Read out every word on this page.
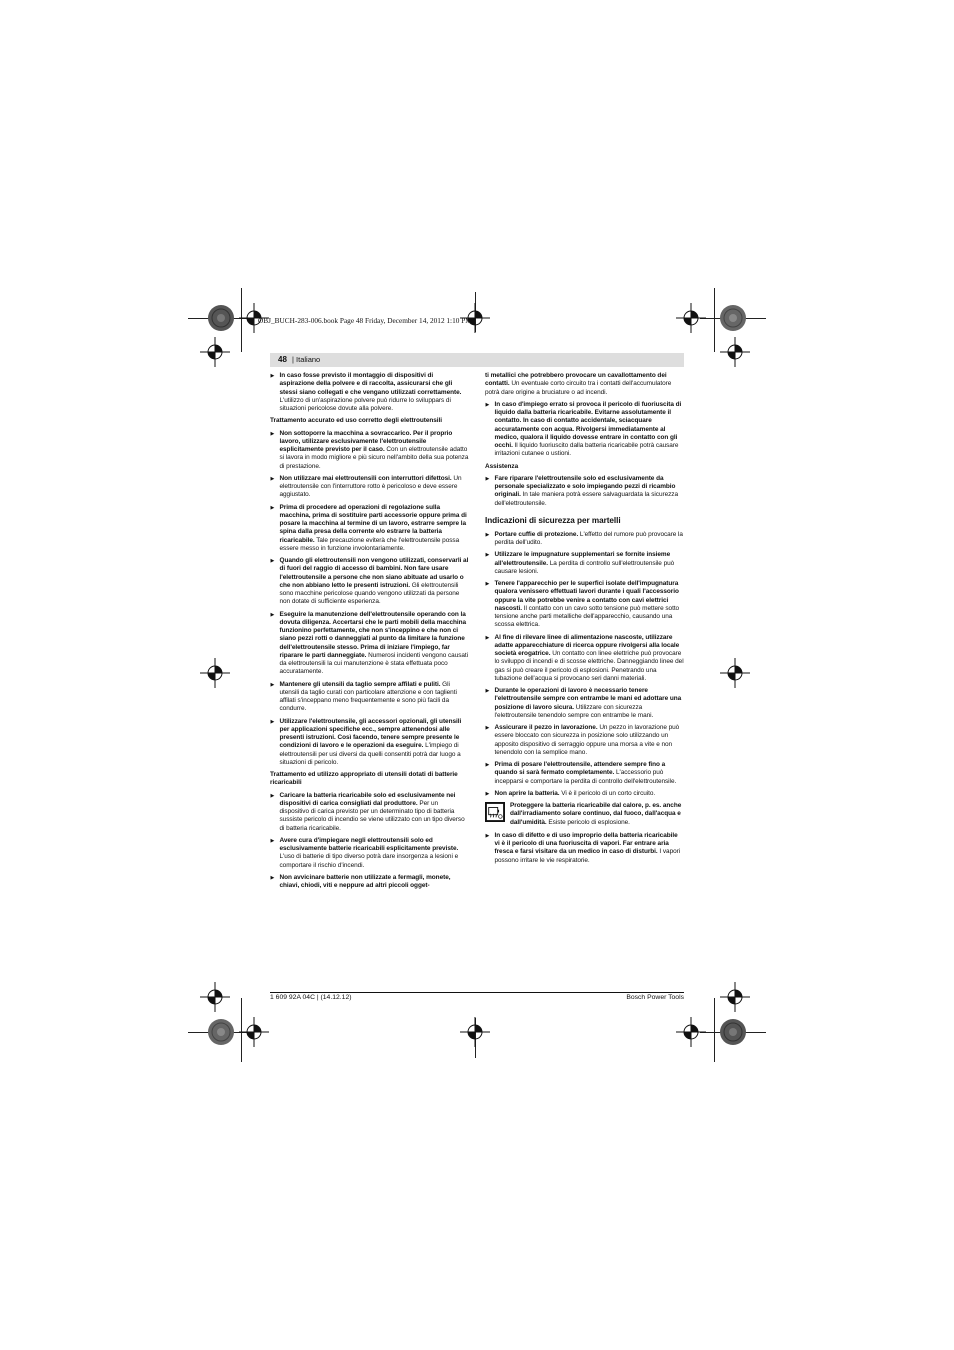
OBJ_BUCH-283-006.book Page 48 Friday, December 14, 2012 1:10 PM
48 | Italiano
▶ In caso fosse previsto il montaggio di dispositivi di aspirazione della polvere e di raccolta, assicurarsi che gli stessi siano collegati e che vengano utilizzati correttamente. L'utilizzo di un'aspirazione polvere può ridurre lo sviluppars di situazioni pericolose dovute alla polvere.
Trattamento accurato ed uso corretto degli elettroutensili
▶ Non sottoporre la macchina a sovraccarico. Per il proprio lavoro, utilizzare esclusivamente l'elettroutensile esplicitamente previsto per il caso. Con un elettroutensile adatto si lavora in modo migliore e più sicuro nell'ambito della sua potenza di prestazione.
▶ Non utilizzare mai elettroutensili con interruttori difettosi. Un elettroutensile con l'interruttore rotto è pericoloso e deve essere aggiustato.
▶ Prima di procedere ad operazioni di regolazione sulla macchina, prima di sostituire parti accessorie oppure prima di posare la macchina al termine di un lavoro, estrarre sempre la spina dalla presa della corrente e/o estrarre la batteria ricaricabile. Tale precauzione eviterà che l'elettroutensile possa essere messo in funzione involontariamente.
▶ Quando gli elettroutensili non vengono utilizzati, conservarli al di fuori del raggio di accesso di bambini. Non fare usare l'elettroutensile a persone che non siano abituate ad usarlo o che non abbiano letto le presenti istruzioni. Gli elettroutensili sono macchine pericolose quando vengono utilizzati da persone non dotate di sufficiente esperienza.
▶ Eseguire la manutenzione dell'elettroutensile operando con la dovuta diligenza. Accertarsi che le parti mobili della macchina funzionino perfettamente, che non s'inceppino e che non ci siano pezzi rotti o danneggiati al punto da limitare la funzione dell'elettroutensile stesso. Prima di iniziare l'impiego, far riparare le parti danneggiate. Numerosi incidenti vengono causati da elettroutensili la cui manutenzione è stata effettuata poco accuratamente.
▶ Mantenere gli utensili da taglio sempre affilati e puliti. Gli utensili da taglio curati con particolare attenzione e con taglienti affilati s'inceppano meno frequentemente e sono più facili da condurre.
▶ Utilizzare l'elettroutensile, gli accessori opzionali, gli utensili per applicazioni specifiche ecc., sempre attenendosi alle presenti istruzioni. Così facendo, tenere sempre presente le condizioni di lavoro e le operazioni da eseguire. L'impiego di elettroutensili per usi diversi da quelli consentiti potrà dar luogo a situazioni di pericolo.
Trattamento ed utilizzo appropriato di utensili dotati di batterie ricaricabili
▶ Caricare la batteria ricaricabile solo ed esclusivamente nei dispositivi di carica consigliati dal produttore. Per un dispositivo di carica previsto per un determinato tipo di batteria sussiste pericolo di incendio se viene utilizzato con un tipo diverso di batteria ricaricabile.
▶ Avere cura d'impiegare negli elettroutensili solo ed esclusivamente batterie ricaricabili esplicitamente previste. L'uso di batterie di tipo diverso potrà dare insorgenza a lesioni e comportare il rischio d'incendi.
▶ Non avvicinare batterie non utilizzate a fermagli, monete, chiavi, chiodi, viti e neppure ad altri piccoli ogget-
ti metallici che potrebbero provocare un cavallottamento dei contatti. Un eventuale corto circuito tra i contatti dell'accumulatore potrà dare origine a bruciature o ad incendi.
▶ In caso d'impiego errato si provoca il pericolo di fuoriuscita di liquido dalla batteria ricaricabile. Evitarne assolutamente il contatto. In caso di contatto accidentale, sciacquare accuratamente con acqua. Rivolgersi immediatamente al medico, qualora il liquido dovesse entrare in contatto con gli occhi. Il liquido fuoriuscito dalla batteria ricaricabile potrà causare irritazioni cutanee o ustioni.
Assistenza
▶ Fare riparare l'elettroutensile solo ed esclusivamente da personale specializzato e solo impiegando pezzi di ricambio originali. In tale maniera potrà essere salvaguardata la sicurezza dell'elettroutensile.
Indicazioni di sicurezza per martelli
▶ Portare cuffie di protezione. L'effetto del rumore può provocare la perdita dell'udito.
▶ Utilizzare le impugnature supplementari se fornite insieme all'elettroutensile. La perdita di controllo sull'elettroutensile può causare lesioni.
▶ Tenere l'apparecchio per le superfici isolate dell'impugnatura qualora venissero effettuati lavori durante i quali l'accessorio oppure la vite potrebbe venire a contatto con cavi elettrici nascosti. Il contatto con un cavo sotto tensione può mettere sotto tensione anche parti metalliche dell'apparecchio, causando una scossa elettrica.
▶ Al fine di rilevare linee di alimentazione nascoste, utilizzare adatte apparecchiature di ricerca oppure rivolgersi alla locale società erogatrice. Un contatto con linee elettriche può provocare lo sviluppo di incendi e di scosse elettriche. Danneggiando linee del gas si può creare il pericolo di esplosioni. Penetrando una tubazione dell'acqua si provocano seri danni materiali.
▶ Durante le operazioni di lavoro è necessario tenere l'elettroutensile sempre con entrambe le mani ed adottare una posizione di lavoro sicura. Utilizzare con sicurezza l'elettroutensile tenendolo sempre con entrambe le mani.
▶ Assicurare il pezzo in lavorazione. Un pezzo in lavorazione può essere bloccato con sicurezza in posizione solo utilizzando un apposito dispositivo di serraggio oppure una morsa a vite e non tenendolo con la semplice mano.
▶ Prima di posare l'elettroutensile, attendere sempre fino a quando si sarà fermato completamente. L'accessorio può incepparsi e comportare la perdita di controllo dell'elettroutensile.
▶ Non aprire la batteria. Vi è il pericolo di un corto circuito.
Proteggere la batteria ricaricabile dal calore, p. es. anche dall'irradiamento solare continuo, dal fuoco, dall'acqua e dall'umidità. Esiste pericolo di esplosione.
▶ In caso di difetto e di uso improprio della batteria ricaricabile vi è il pericolo di una fuoriuscita di vapori. Far entrare aria fresca e farsi visitare da un medico in caso di disturbi. I vapori possono irritare le vie respiratorie.
1 609 92A 04C | (14.12.12)	Bosch Power Tools
